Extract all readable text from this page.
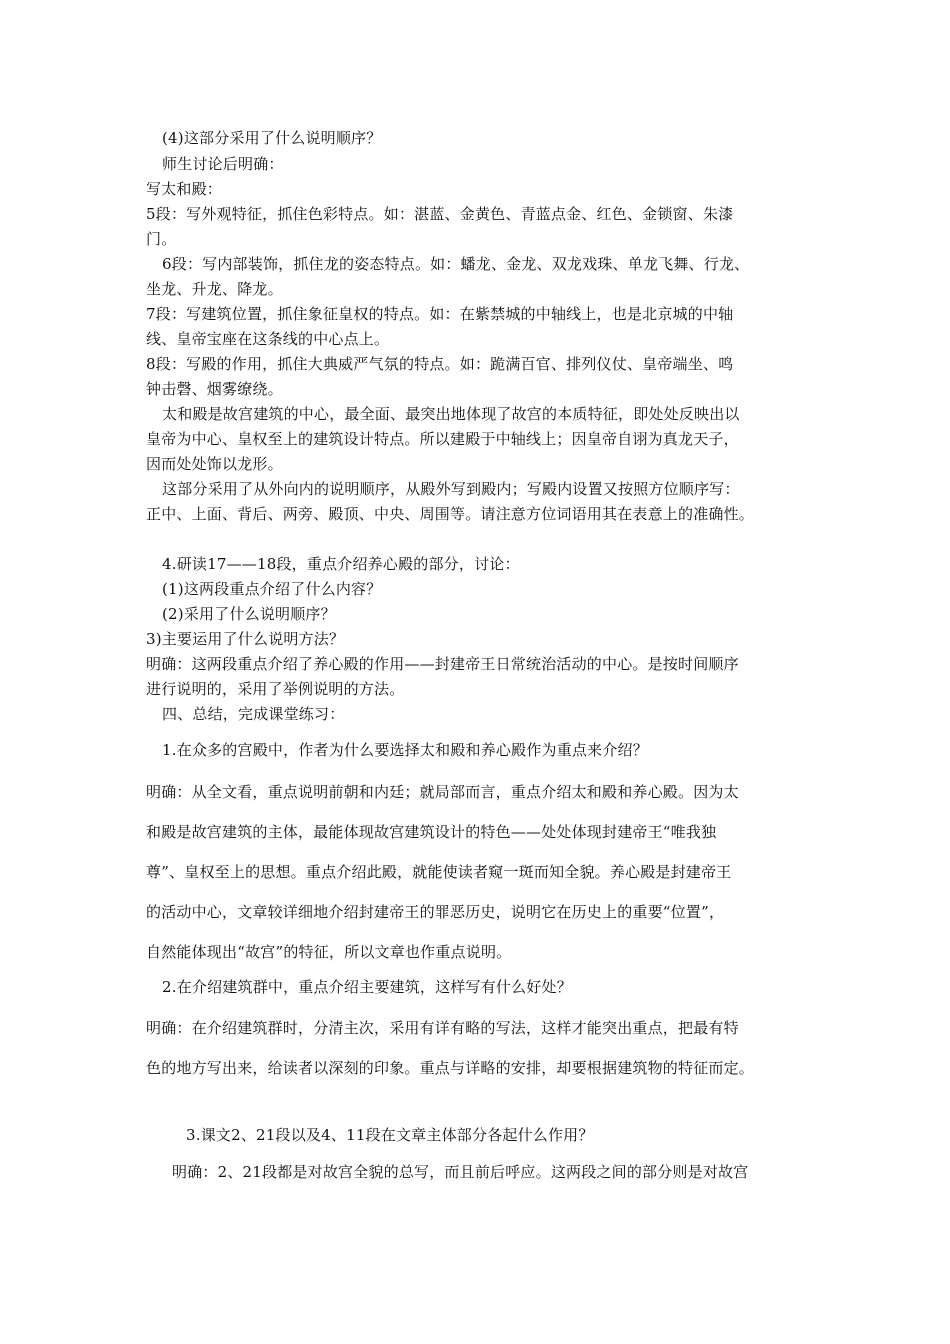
(4)这部分采用了什么说明顺序？
师生讨论后明确：
写太和殿：
5段：写外观特征，抓住色彩特点。如：湛蓝、金黄色、青蓝点金、红色、金锁窗、朱漆
门。
6段：写内部装饰，抓住龙的姿态特点。如：蟠龙、金龙、双龙戏珠、单龙飞舞、行龙、
坐龙、升龙、降龙。
7段：写建筑位置，抓住象征皇权的特点。如：在紫禁城的中轴线上，也是北京城的中轴
线、皇帝宝座在这条线的中心点上。
8段：写殿的作用，抓住大典威严气氛的特点。如：跪满百官、排列仪仗、皇帝端坐、鸣
钟击磬、烟雾缭绕。
太和殿是故宫建筑的中心，最全面、最突出地体现了故宫的本质特征，即处处反映出以
皇帝为中心、皇权至上的建筑设计特点。所以建殿于中轴线上；因皇帝自诩为真龙天子，
因而处处饰以龙形。
这部分采用了从外向内的说明顺序，从殿外写到殿内；写殿内设置又按照方位顺序写：
正中、上面、背后、两旁、殿顶、中央、周围等。请注意方位词语用其在表意上的准确性。
4.研读17——18段，重点介绍养心殿的部分，讨论：
(1)这两段重点介绍了什么内容？
(2)采用了什么说明顺序？
3)主要运用了什么说明方法？
明确：这两段重点介绍了养心殿的作用——封建帝王日常统治活动的中心。是按时间顺序
进行说明的，采用了举例说明的方法。
四、总结，完成课堂练习：
1.在众多的宫殿中，作者为什么要选择太和殿和养心殿作为重点来介绍？
明确：从全文看，重点说明前朝和内廷；就局部而言，重点介绍太和殿和养心殿。因为太
和殿是故宫建筑的主体，最能体现故宫建筑设计的特色——处处体现封建帝王“唯我独
尊”、皇权至上的思想。重点介绍此殿，就能使读者窥一斑而知全貌。养心殿是封建帝王
的活动中心，文章较详细地介绍封建帝王的罪恶历史，说明它在历史上的重要“位置”，
自然能体现出“故宫”的特征，所以文章也作重点说明。
2.在介绍建筑群中，重点介绍主要建筑，这样写有什么好处？
明确：在介绍建筑群时，分清主次，采用有详有略的写法，这样才能突出重点，把最有特
色的地方写出来，给读者以深刻的印象。重点与详略的安排，却要根据建筑物的特征而定。
3.课文2、21段以及4、11段在文章主体部分各起什么作用？
明确：2、21段都是对故宫全貌的总写，而且前后呼应。这两段之间的部分则是对故宫
